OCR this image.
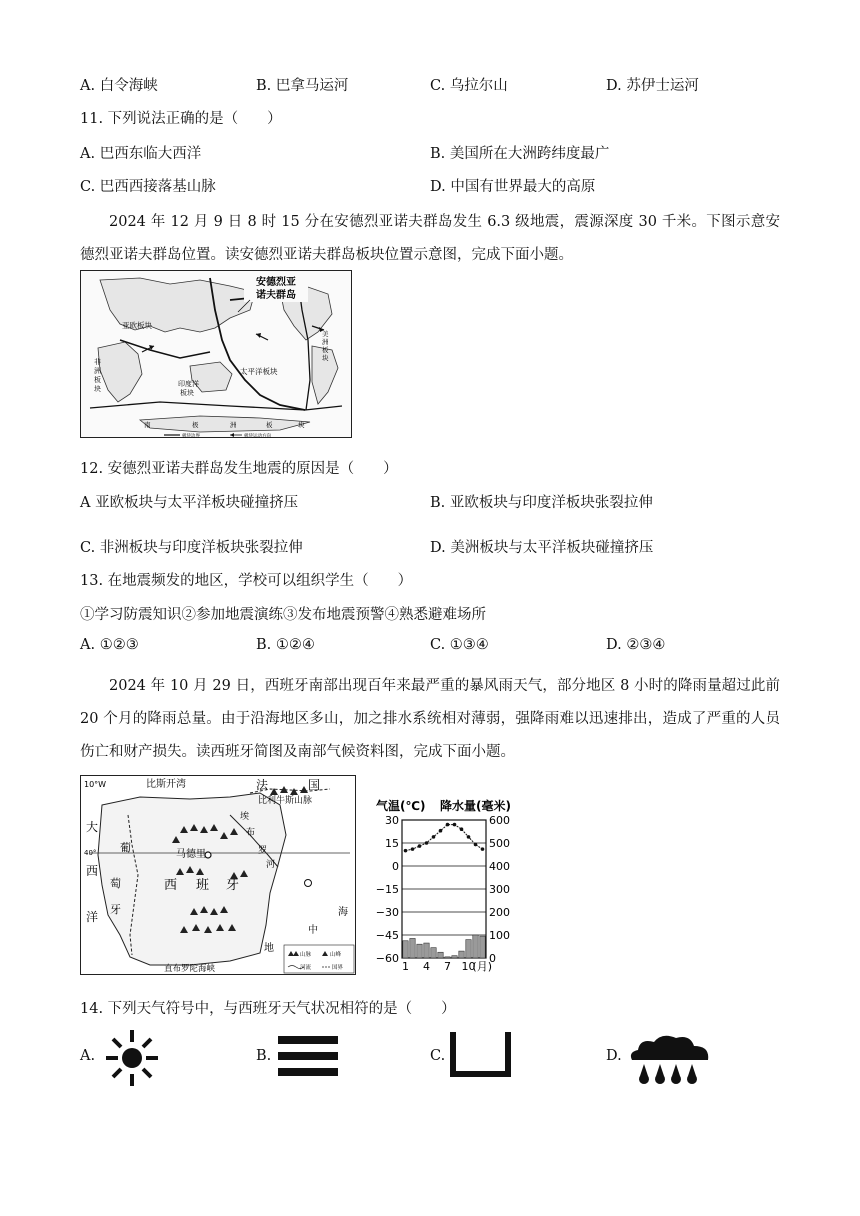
A. 白令海峡	B. 巴拿马运河	C. 乌拉尔山	D. 苏伊士运河
11. 下列说法正确的是（　　）
A. 巴西东临大西洋	B. 美国所在大洲跨纬度最广
C. 巴西西接落基山脉	D. 中国有世界最大的高原
2024 年 12 月 9 日 8 时 15 分在安德烈亚诺夫群岛发生 6.3 级地震，震源深度 30 千米。下图示意安德烈亚诺夫群岛位置。读安德烈亚诺夫群岛板块位置示意图，完成下面小题。
安德烈亚
诺夫群岛
亚欧板块
非
洲
板
块
印度洋
板块
太平洋板块
美
洲
板
块
南	极	洲	板	块
板块边界	板块运动方向
12. 安德烈亚诺夫群岛发生地震的原因是（　　）
A 亚欧板块与太平洋板块碰撞挤压	B. 亚欧板块与印度洋板块张裂拉伸
C. 非洲板块与印度洋板块张裂拉伸	D. 美洲板块与太平洋板块碰撞挤压
13. 在地震频发的地区，学校可以组织学生（　　）
①学习防震知识②参加地震演练③发布地震预警④熟悉避难场所
A. ①②③	B. ①②④	C. ①③④	D. ②③④
2024 年 10 月 29 日，西班牙南部出现百年来最严重的暴风雨天气，部分地区 8 小时的降雨量超过此前 20 个月的降雨总量。由于沿海地区多山，加之排水系统相对薄弱，强降雨难以迅速排出，造成了严重的人员伤亡和财产损失。读西班牙简图及南部气候资料图，完成下面小题。
10°W
40°
比斯开湾	法	国
比利牛斯山脉
埃
布
罗
河
大
西
洋
葡
萄
牙
马德里
西 班 牙
中
海
地
直布罗陀海峡
山脉	山峰
河流	国界
气温(℃) 降水量(毫米)
30	600
15	500
0	400
−15	300
−30	200
−45	100
−60	0
1 4 7 10
(月)
14. 下列天气符号中，与西班牙天气状况相符的是（　　）
A.	B.	C.	D.
